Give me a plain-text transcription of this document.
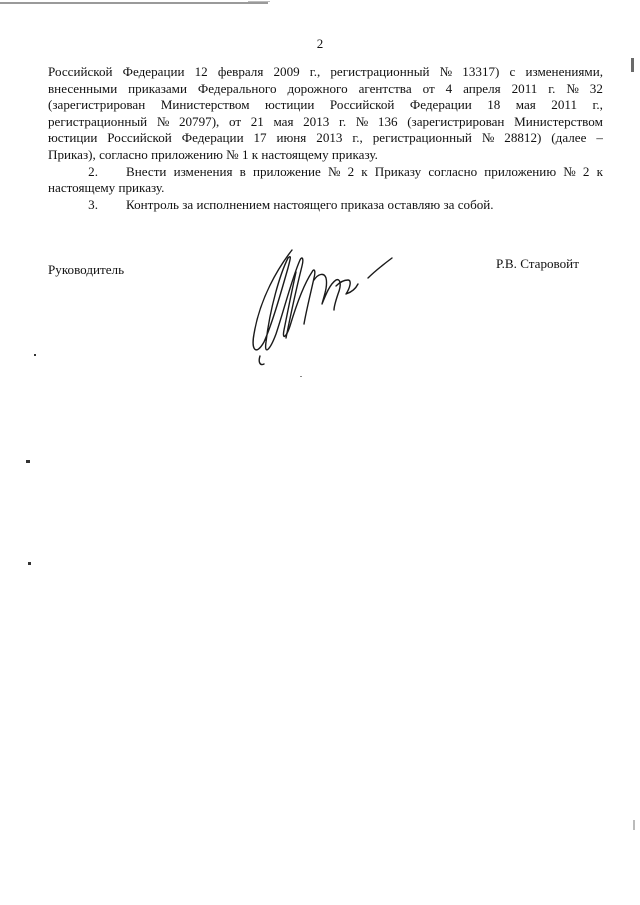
2
Российской Федерации 12 февраля 2009 г., регистрационный № 13317) с изменениями,
внесенными приказами Федерального дорожного агентства от 4 апреля 2011 г. № 32
(зарегистрирован Министерством юстиции Российской Федерации 18 мая 2011 г.,
регистрационный № 20797), от 21 мая 2013 г. № 136 (зарегистрирован Министерством
юстиции Российской Федерации 17 июня 2013 г., регистрационный № 28812) (далее –
Приказ), согласно приложению № 1 к настоящему приказу.
2. Внести изменения в приложение № 2 к Приказу согласно приложению № 2 к
настоящему приказу.
3. Контроль за исполнением настоящего приказа оставляю за собой.
Руководитель	Р.В. Старовойт
